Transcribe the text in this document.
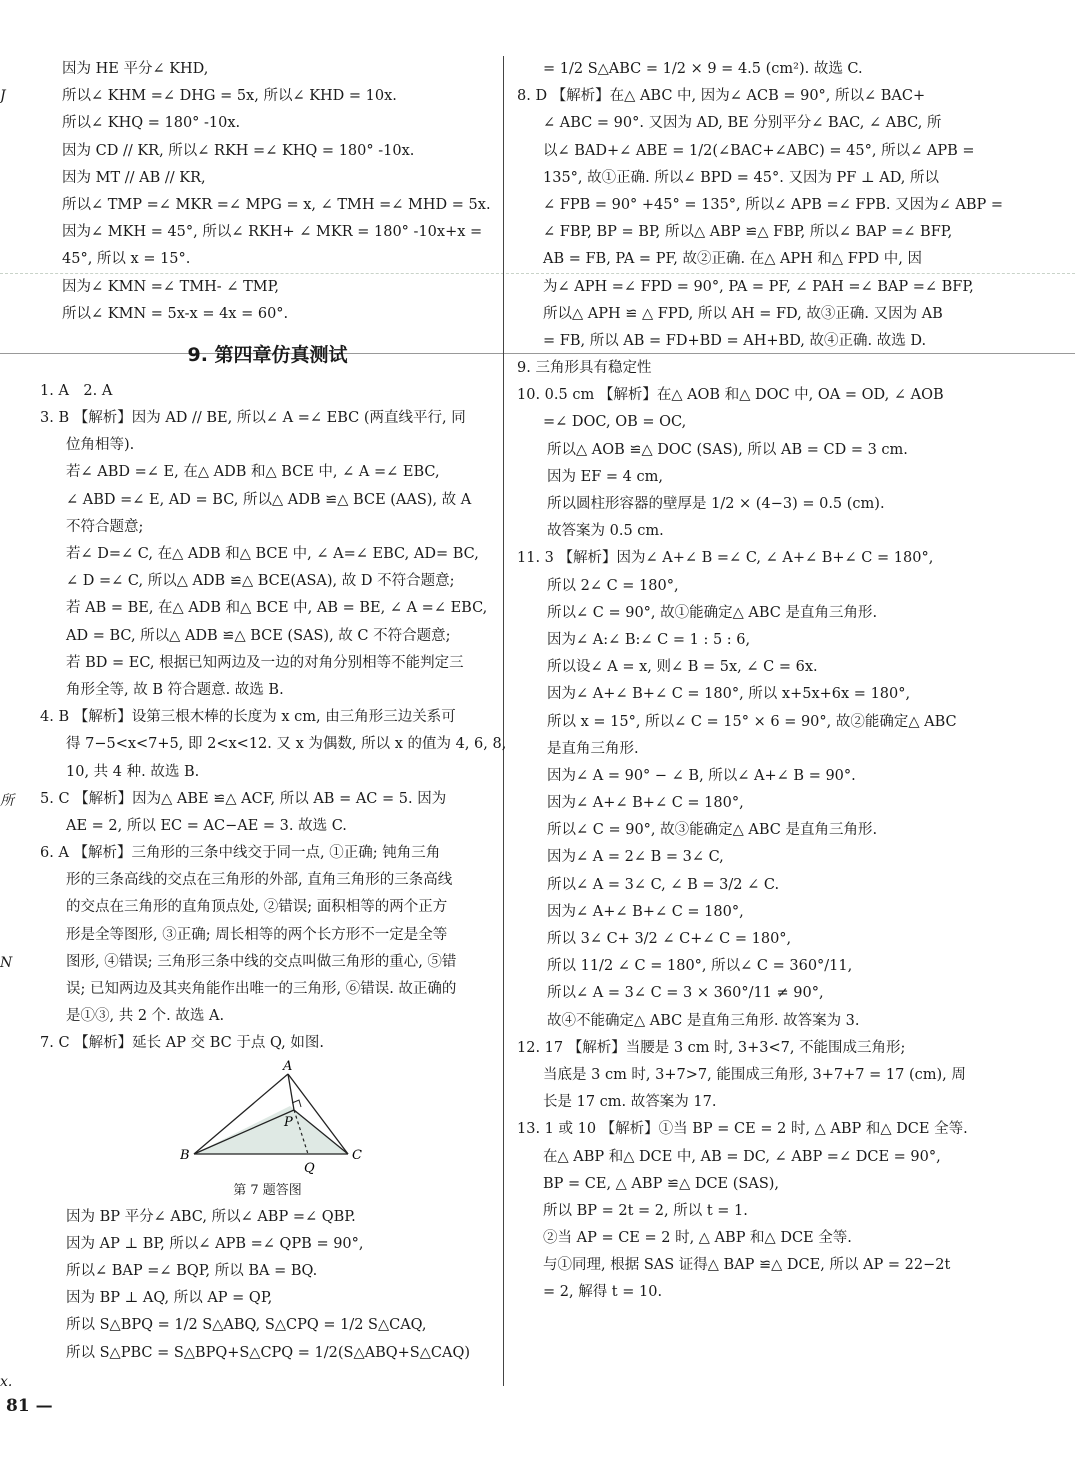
J
所
N
x.
因为 HE 平分∠ KHD,
所以∠ KHM =∠ DHG = 5x, 所以∠ KHD = 10x.
所以∠ KHQ = 180° -10x.
因为 CD // KR, 所以∠ RKH =∠ KHQ = 180° -10x.
因为 MT // AB // KR,
所以∠ TMP =∠ MKR =∠ MPG = x, ∠ TMH =∠ MHD = 5x.
因为∠ MKH = 45°, 所以∠ RKH+ ∠ MKR = 180° -10x+x =
45°, 所以 x = 15°.
因为∠ KMN =∠ TMH- ∠ TMP,
所以∠ KMN = 5x-x = 4x = 60°.
9. 第四章仿真测试
1. A　2. A
3. B 【解析】因为 AD // BE, 所以∠ A =∠ EBC (两直线平行, 同
位角相等).
若∠ ABD =∠ E, 在△ ADB 和△ BCE 中, ∠ A =∠ EBC,
∠ ABD =∠ E, AD = BC, 所以△ ADB ≌△ BCE (AAS), 故 A
不符合题意;
若∠ D=∠ C, 在△ ADB 和△ BCE 中, ∠ A=∠ EBC, AD= BC,
∠ D =∠ C, 所以△ ADB ≌△ BCE(ASA), 故 D 不符合题意;
若 AB = BE, 在△ ADB 和△ BCE 中, AB = BE, ∠ A =∠ EBC,
AD = BC, 所以△ ADB ≌△ BCE (SAS), 故 C 不符合题意;
若 BD = EC, 根据已知两边及一边的对角分别相等不能判定三
角形全等, 故 B 符合题意. 故选 B.
4. B 【解析】设第三根木棒的长度为 x cm, 由三角形三边关系可
得 7−5<x<7+5, 即 2<x<12. 又 x 为偶数, 所以 x 的值为 4, 6, 8,
10, 共 4 种. 故选 B.
5. C 【解析】因为△ ABE ≌△ ACF, 所以 AB = AC = 5. 因为
AE = 2, 所以 EC = AC−AE = 3. 故选 C.
6. A 【解析】三角形的三条中线交于同一点, ①正确; 钝角三角
形的三条高线的交点在三角形的外部, 直角三角形的三条高线
的交点在三角形的直角顶点处, ②错误; 面积相等的两个正方
形是全等图形, ③正确; 周长相等的两个长方形不一定是全等
图形, ④错误; 三角形三条中线的交点叫做三角形的重心, ⑤错
误; 已知两边及其夹角能作出唯一的三角形, ⑥错误. 故正确的
是①③, 共 2 个. 故选 A.
7. C 【解析】延长 AP 交 BC 于点 Q, 如图.
A
B	C
P
Q
第 7 题答图
因为 BP 平分∠ ABC, 所以∠ ABP =∠ QBP.
因为 AP ⊥ BP, 所以∠ APB =∠ QPB = 90°,
所以∠ BAP =∠ BQP, 所以 BA = BQ.
因为 BP ⊥ AQ, 所以 AP = QP,
所以 S△BPQ = 1/2 S△ABQ, S△CPQ = 1/2 S△CAQ,
所以 S△PBC = S△BPQ+S△CPQ = 1/2(S△ABQ+S△CAQ)
= 1/2 S△ABC = 1/2 × 9 = 4.5 (cm²). 故选 C.
8. D 【解析】在△ ABC 中, 因为∠ ACB = 90°, 所以∠ BAC+
∠ ABC = 90°. 又因为 AD, BE 分别平分∠ BAC, ∠ ABC, 所
以∠ BAD+∠ ABE = 1/2(∠BAC+∠ABC) = 45°, 所以∠ APB =
135°, 故①正确. 所以∠ BPD = 45°. 又因为 PF ⊥ AD, 所以
∠ FPB = 90° +45° = 135°, 所以∠ APB =∠ FPB. 又因为∠ ABP =
∠ FBP, BP = BP, 所以△ ABP ≌△ FBP, 所以∠ BAP =∠ BFP,
AB = FB, PA = PF, 故②正确. 在△ APH 和△ FPD 中, 因
为∠ APH =∠ FPD = 90°, PA = PF, ∠ PAH =∠ BAP =∠ BFP,
所以△ APH ≌ △ FPD, 所以 AH = FD, 故③正确. 又因为 AB
= FB, 所以 AB = FD+BD = AH+BD, 故④正确. 故选 D.
9. 三角形具有稳定性
10. 0.5 cm 【解析】在△ AOB 和△ DOC 中, OA = OD, ∠ AOB
=∠ DOC, OB = OC,
所以△ AOB ≌△ DOC (SAS), 所以 AB = CD = 3 cm.
因为 EF = 4 cm,
所以圆柱形容器的壁厚是 1/2 × (4−3) = 0.5 (cm).
故答案为 0.5 cm.
11. 3 【解析】因为∠ A+∠ B =∠ C, ∠ A+∠ B+∠ C = 180°,
所以 2∠ C = 180°,
所以∠ C = 90°, 故①能确定△ ABC 是直角三角形.
因为∠ A:∠ B:∠ C = 1 : 5 : 6,
所以设∠ A = x, 则∠ B = 5x, ∠ C = 6x.
因为∠ A+∠ B+∠ C = 180°, 所以 x+5x+6x = 180°,
所以 x = 15°, 所以∠ C = 15° × 6 = 90°, 故②能确定△ ABC
是直角三角形.
因为∠ A = 90° − ∠ B, 所以∠ A+∠ B = 90°.
因为∠ A+∠ B+∠ C = 180°,
所以∠ C = 90°, 故③能确定△ ABC 是直角三角形.
因为∠ A = 2∠ B = 3∠ C,
所以∠ A = 3∠ C, ∠ B = 3/2 ∠ C.
因为∠ A+∠ B+∠ C = 180°,
所以 3∠ C+ 3/2 ∠ C+∠ C = 180°,
所以 11/2 ∠ C = 180°, 所以∠ C = 360°/11,
所以∠ A = 3∠ C = 3 × 360°/11 ≠ 90°,
故④不能确定△ ABC 是直角三角形. 故答案为 3.
12. 17 【解析】当腰是 3 cm 时, 3+3<7, 不能围成三角形;
当底是 3 cm 时, 3+7>7, 能围成三角形, 3+7+7 = 17 (cm), 周
长是 17 cm. 故答案为 17.
13. 1 或 10 【解析】①当 BP = CE = 2 时, △ ABP 和△ DCE 全等.
在△ ABP 和△ DCE 中, AB = DC, ∠ ABP =∠ DCE = 90°,
BP = CE, △ ABP ≌△ DCE (SAS),
所以 BP = 2t = 2, 所以 t = 1.
②当 AP = CE = 2 时, △ ABP 和△ DCE 全等.
与①同理, 根据 SAS 证得△ BAP ≌△ DCE, 所以 AP = 22−2t
= 2, 解得 t = 10.
81 —
